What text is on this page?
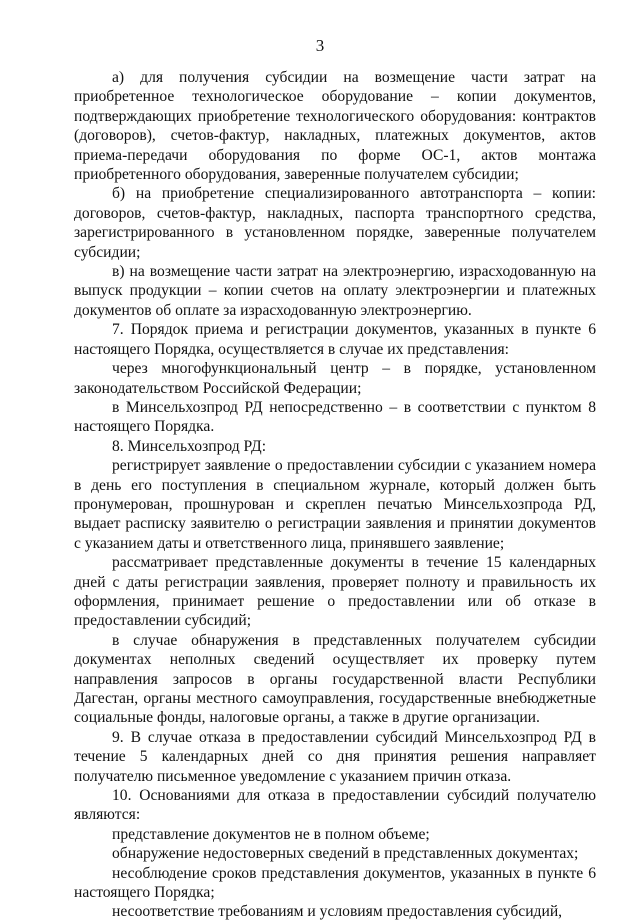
3

а) для получения субсидии на возмещение части затрат на приобретенное технологическое оборудование – копии документов, подтверждающих приобретение технологического оборудования: контрактов (договоров), счетов-фактур, накладных, платежных документов, актов приема-передачи оборудования по форме ОС-1, актов монтажа приобретенного оборудования, заверенные получателем субсидии;

б) на приобретение специализированного автотранспорта – копии: договоров, счетов-фактур, накладных, паспорта транспортного средства, зарегистрированного в установленном порядке, заверенные получателем субсидии;

в) на возмещение части затрат на электроэнергию, израсходованную на выпуск продукции – копии счетов на оплату электроэнергии и платежных документов об оплате за израсходованную электроэнергию.

7. Порядок приема и регистрации документов, указанных в пункте 6 настоящего Порядка, осуществляется в случае их представления:

через многофункциональный центр – в порядке, установленном законодательством Российской Федерации;

в Минсельхозпрод РД непосредственно – в соответствии с пунктом 8 настоящего Порядка.

8. Минсельхозпрод РД:

регистрирует заявление о предоставлении субсидии с указанием номера в день его поступления в специальном журнале, который должен быть пронумерован, прошнурован и скреплен печатью Минсельхозпрода РД, выдает расписку заявителю о регистрации заявления и принятии документов с указанием даты и ответственного лица, принявшего заявление;

рассматривает представленные документы в течение 15 календарных дней с даты регистрации заявления, проверяет полноту и правильность их оформления, принимает решение о предоставлении или об отказе в предоставлении субсидий;

в случае обнаружения в представленных получателем субсидии документах неполных сведений осуществляет их проверку путем направления запросов в органы государственной власти Республики Дагестан, органы местного самоуправления, государственные внебюджетные социальные фонды, налоговые органы, а также в другие организации.

9. В случае отказа в предоставлении субсидий Минсельхозпрод РД в течение 5 календарных дней со дня принятия решения направляет получателю письменное уведомление с указанием причин отказа.

10. Основаниями для отказа в предоставлении субсидий получателю являются:

представление документов не в полном объеме;

обнаружение недостоверных сведений в представленных документах;

несоблюдение сроков представления документов, указанных в пункте 6 настоящего Порядка;

несоответствие требованиям и условиям предоставления субсидий,
